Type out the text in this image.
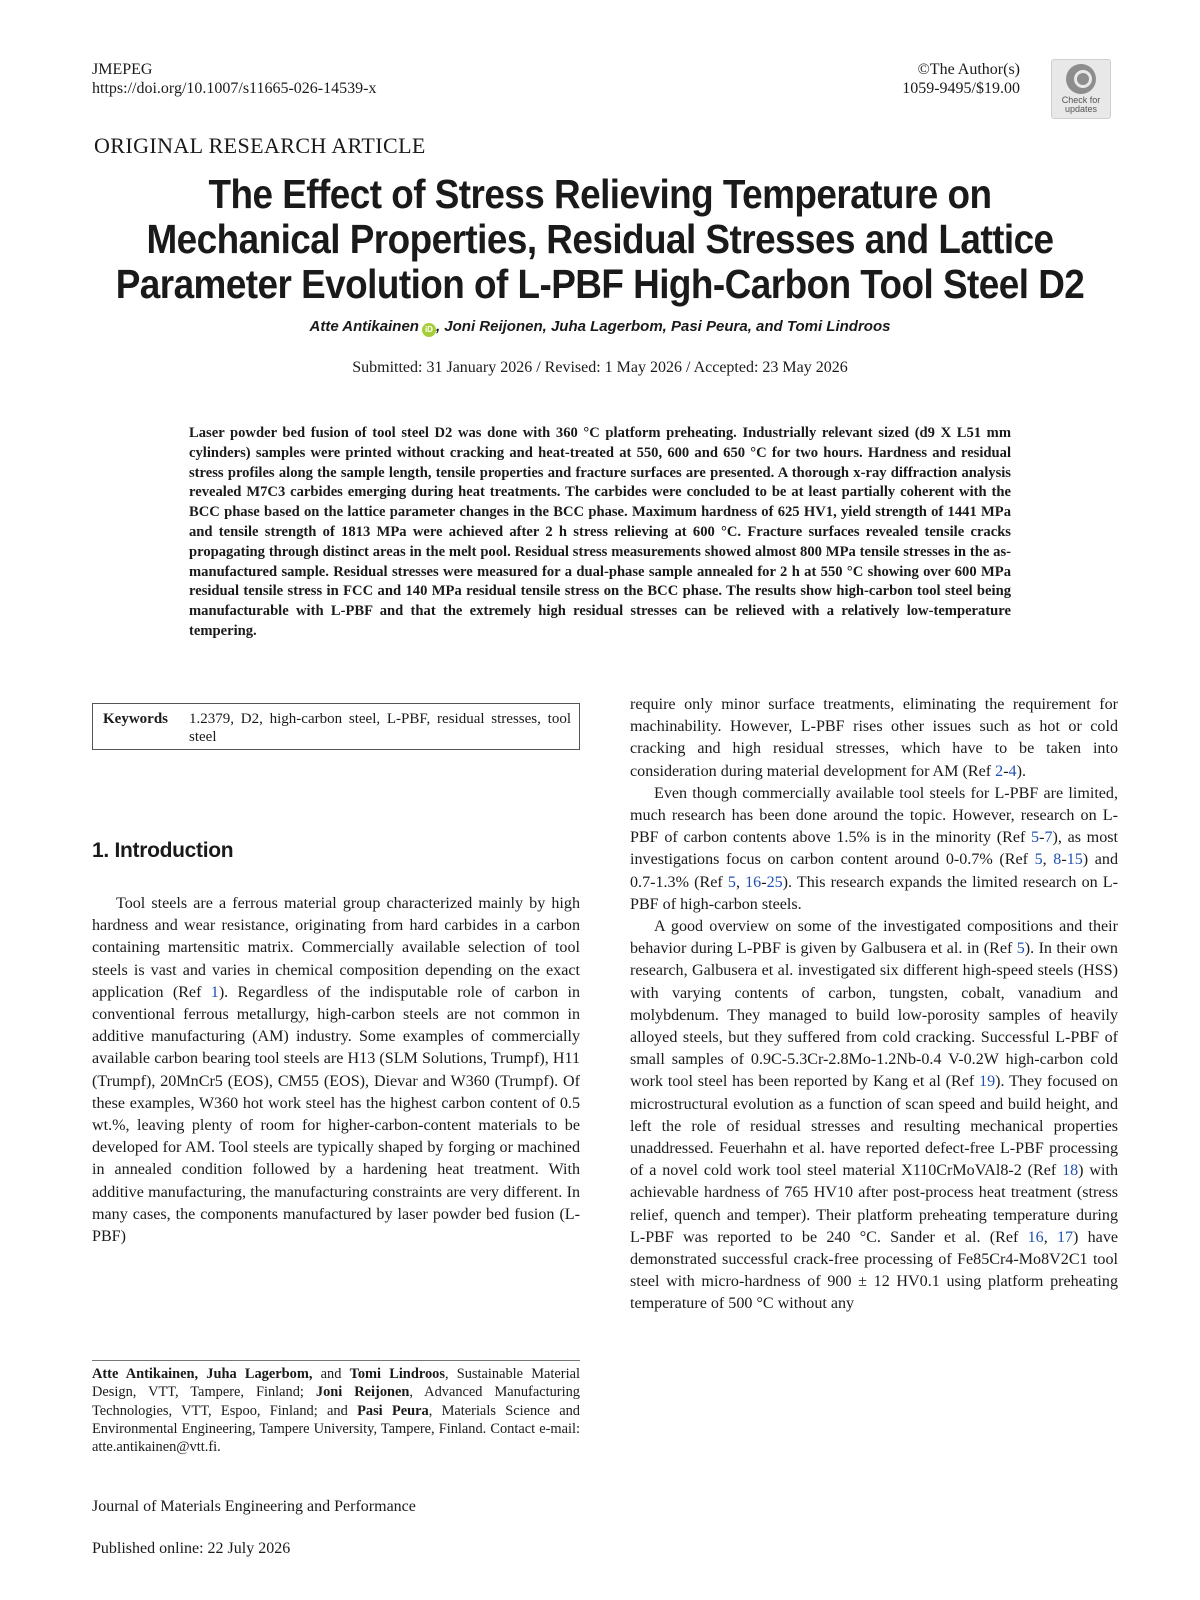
JMEPEG
https://doi.org/10.1007/s11665-026-14539-x
©The Author(s)
1059-9495/$19.00
Check for
updates
ORIGINAL RESEARCH ARTICLE
The Effect of Stress Relieving Temperature on Mechanical Properties, Residual Stresses and Lattice Parameter Evolution of L-PBF High-Carbon Tool Steel D2
Atte Antikainen iD , Joni Reijonen, Juha Lagerbom, Pasi Peura, and Tomi Lindroos
Submitted: 31 January 2026 / Revised: 1 May 2026 / Accepted: 23 May 2026
Laser powder bed fusion of tool steel D2 was done with 360 °C platform preheating. Industrially relevant sized (d9 X L51 mm cylinders) samples were printed without cracking and heat-treated at 550, 600 and 650 °C for two hours. Hardness and residual stress profiles along the sample length, tensile properties and fracture surfaces are presented. A thorough x-ray diffraction analysis revealed M7C3 carbides emerging during heat treatments. The carbides were concluded to be at least partially coherent with the BCC phase based on the lattice parameter changes in the BCC phase. Maximum hardness of 625 HV1, yield strength of 1441 MPa and tensile strength of 1813 MPa were achieved after 2 h stress relieving at 600 °C. Fracture surfaces revealed tensile cracks propagating through distinct areas in the melt pool. Residual stress measurements showed almost 800 MPa tensile stresses in the as-manufactured sample. Residual stresses were measured for a dual-phase sample annealed for 2 h at 550 °C showing over 600 MPa residual tensile stress in FCC and 140 MPa residual tensile stress on the BCC phase. The results show high-carbon tool steel being manufacturable with L-PBF and that the extremely high residual stresses can be relieved with a relatively low-temperature tempering.
Keywords 1.2379, D2, high-carbon steel, L-PBF, residual stresses, tool steel
1. Introduction

Tool steels are a ferrous material group characterized mainly by high hardness and wear resistance, originating from hard carbides in a carbon containing martensitic matrix. Commercially available selection of tool steels is vast and varies in chemical composition depending on the exact application (Ref 1). Regardless of the indisputable role of carbon in conventional ferrous metallurgy, high-carbon steels are not common in additive manufacturing (AM) industry. Some examples of commercially available carbon bearing tool steels are H13 (SLM Solutions, Trumpf), H11 (Trumpf), 20MnCr5 (EOS), CM55 (EOS), Dievar and W360 (Trumpf). Of these examples, W360 hot work steel has the highest carbon content of 0.5 wt.%, leaving plenty of room for higher-carbon-content materials to be developed for AM. Tool steels are typically shaped by forging or machined in annealed condition followed by a hardening heat treatment. With additive manufacturing, the manufacturing constraints are very different. In many cases, the components manufactured by laser powder bed fusion (L-PBF)

require only minor surface treatments, eliminating the requirement for machinability. However, L-PBF rises other issues such as hot or cold cracking and high residual stresses, which have to be taken into consideration during material development for AM (Ref 2-4).

Even though commercially available tool steels for L-PBF are limited, much research has been done around the topic. However, research on L-PBF of carbon contents above 1.5% is in the minority (Ref 5-7), as most investigations focus on carbon content around 0-0.7% (Ref 5, 8-15) and 0.7-1.3% (Ref 5, 16-25). This research expands the limited research on L-PBF of high-carbon steels.

A good overview on some of the investigated compositions and their behavior during L-PBF is given by Galbusera et al. in (Ref 5). In their own research, Galbusera et al. investigated six different high-speed steels (HSS) with varying contents of carbon, tungsten, cobalt, vanadium and molybdenum. They managed to build low-porosity samples of heavily alloyed steels, but they suffered from cold cracking. Successful L-PBF of small samples of 0.9C-5.3Cr-2.8Mo-1.2Nb-0.4 V-0.2W high-carbon cold work tool steel has been reported by Kang et al (Ref 19). They focused on microstructural evolution as a function of scan speed and build height, and left the role of residual stresses and resulting mechanical properties unaddressed. Feuerhahn et al. have reported defect-free L-PBF processing of a novel cold work tool steel material X110CrMoVAl8-2 (Ref 18) with achievable hardness of 765 HV10 after post-process heat treatment (stress relief, quench and temper). Their platform preheating temperature during L-PBF was reported to be 240 °C. Sander et al. (Ref 16, 17) have demonstrated successful crack-free processing of Fe85Cr4-Mo8V2C1 tool steel with micro-hardness of 900 ± 12 HV0.1 using platform preheating temperature of 500 °C without any

Atte Antikainen, Juha Lagerbom, and Tomi Lindroos, Sustainable Material Design, VTT, Tampere, Finland; Joni Reijonen, Advanced Manufacturing Technologies, VTT, Espoo, Finland; and Pasi Peura, Materials Science and Environmental Engineering, Tampere University, Tampere, Finland. Contact e-mail: atte.antikainen@vtt.fi.
Journal of Materials Engineering and Performance
Published online: 22 July 2026
